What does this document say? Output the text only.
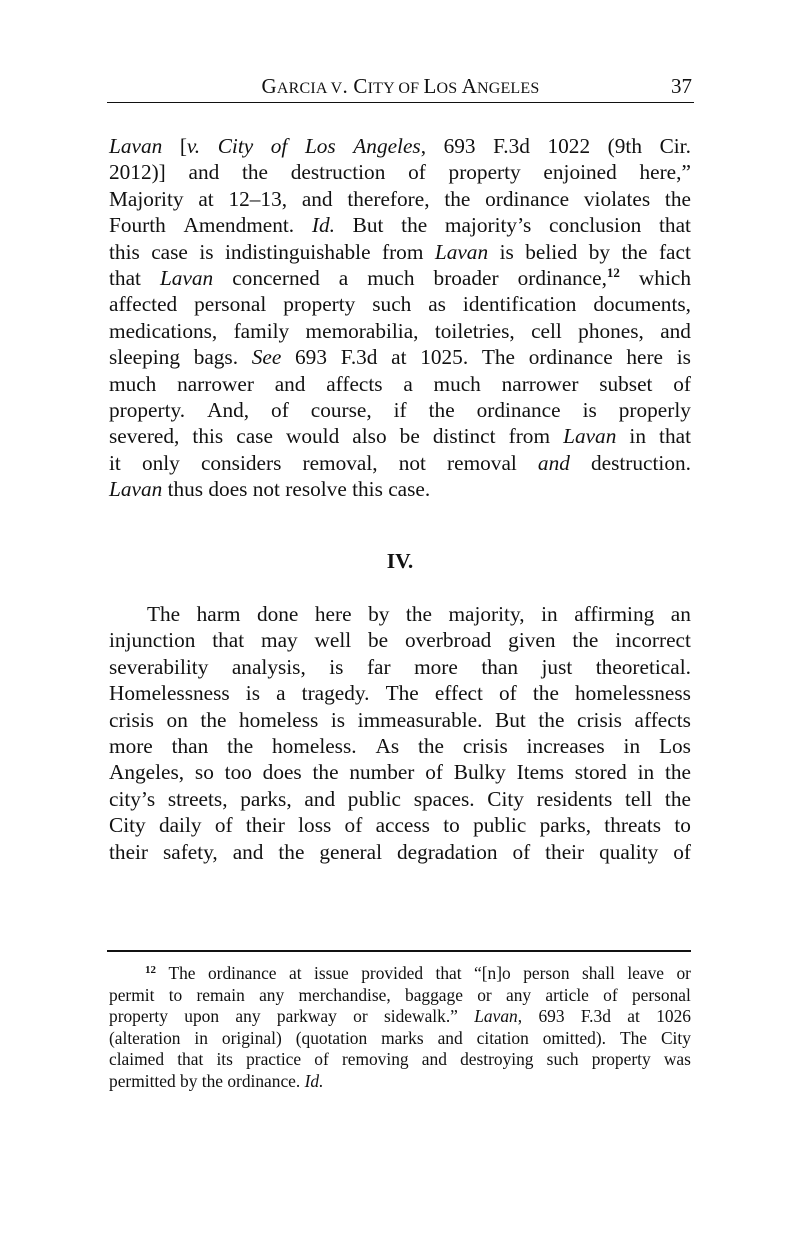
GARCIA V. CITY OF LOS ANGELES	37
Lavan [v. City of Los Angeles, 693 F.3d 1022 (9th Cir.
2012)] and the destruction of property enjoined here,”
Majority at 12–13, and therefore, the ordinance violates the
Fourth Amendment. Id. But the majority’s conclusion that
this case is indistinguishable from Lavan is belied by the fact
that Lavan concerned a much broader ordinance,$^{12}$ which
affected personal property such as identification documents,
medications, family memorabilia, toiletries, cell phones, and
sleeping bags. See 693 F.3d at 1025. The ordinance here is
much narrower and affects a much narrower subset of
property. And, of course, if the ordinance is properly
severed, this case would also be distinct from Lavan in that
it only considers removal, not removal and destruction.
Lavan thus does not resolve this case.
IV.
The harm done here by the majority, in affirming an
injunction that may well be overbroad given the incorrect
severability analysis, is far more than just theoretical.
Homelessness is a tragedy. The effect of the homelessness
crisis on the homeless is immeasurable. But the crisis affects
more than the homeless. As the crisis increases in Los
Angeles, so too does the number of Bulky Items stored in the
city’s streets, parks, and public spaces. City residents tell the
City daily of their loss of access to public parks, threats to
their safety, and the general degradation of their quality of
$^{12}$ The ordinance at issue provided that “[n]o person shall leave or
permit to remain any merchandise, baggage or any article of personal
property upon any parkway or sidewalk.” Lavan, 693 F.3d at 1026
(alteration in original) (quotation marks and citation omitted). The City
claimed that its practice of removing and destroying such property was
permitted by the ordinance. Id.
